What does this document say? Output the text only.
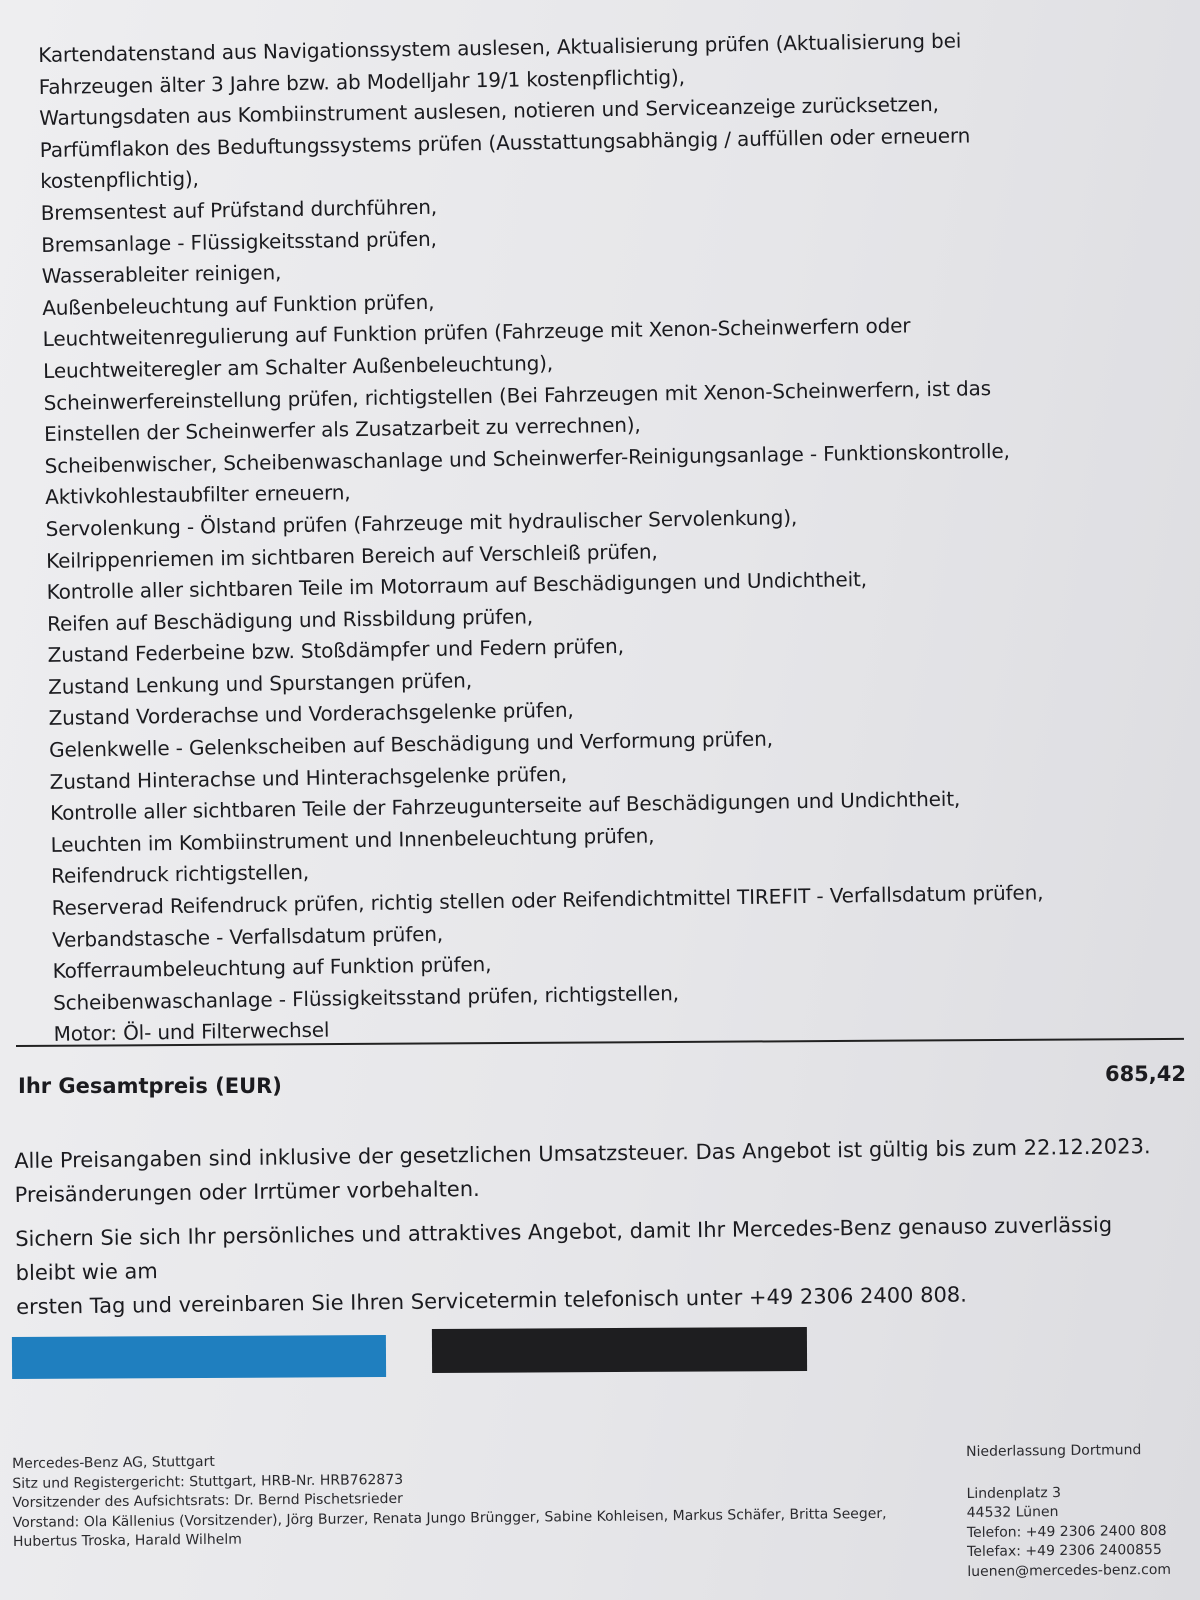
Kartendatenstand aus Navigationssystem auslesen, Aktualisierung prüfen (Aktualisierung bei
Fahrzeugen älter 3 Jahre bzw. ab Modelljahr 19/1 kostenpflichtig),
Wartungsdaten aus Kombiinstrument auslesen, notieren und Serviceanzeige zurücksetzen,
Parfümflakon des Beduftungssystems prüfen (Ausstattungsabhängig / auffüllen oder erneuern
kostenpflichtig),
Bremsentest auf Prüfstand durchführen,
Bremsanlage - Flüssigkeitsstand prüfen,
Wasserableiter reinigen,
Außenbeleuchtung auf Funktion prüfen,
Leuchtweitenregulierung auf Funktion prüfen (Fahrzeuge mit Xenon-Scheinwerfern oder
Leuchtweiteregler am Schalter Außenbeleuchtung),
Scheinwerfereinstellung prüfen, richtigstellen (Bei Fahrzeugen mit Xenon-Scheinwerfern, ist das
Einstellen der Scheinwerfer als Zusatzarbeit zu verrechnen),
Scheibenwischer, Scheibenwaschanlage und Scheinwerfer-Reinigungsanlage - Funktionskontrolle,
Aktivkohlestaubfilter erneuern,
Servolenkung - Ölstand prüfen (Fahrzeuge mit hydraulischer Servolenkung),
Keilrippenriemen im sichtbaren Bereich auf Verschleiß prüfen,
Kontrolle aller sichtbaren Teile im Motorraum auf Beschädigungen und Undichtheit,
Reifen auf Beschädigung und Rissbildung prüfen,
Zustand Federbeine bzw. Stoßdämpfer und Federn prüfen,
Zustand Lenkung und Spurstangen prüfen,
Zustand Vorderachse und Vorderachsgelenke prüfen,
Gelenkwelle - Gelenkscheiben auf Beschädigung und Verformung prüfen,
Zustand Hinterachse und Hinterachsgelenke prüfen,
Kontrolle aller sichtbaren Teile der Fahrzeugunterseite auf Beschädigungen und Undichtheit,
Leuchten im Kombiinstrument und Innenbeleuchtung prüfen,
Reifendruck richtigstellen,
Reserverad Reifendruck prüfen, richtig stellen oder Reifendichtmittel TIREFIT - Verfallsdatum prüfen,
Verbandstasche - Verfallsdatum prüfen,
Kofferraumbeleuchtung auf Funktion prüfen,
Scheibenwaschanlage - Flüssigkeitsstand prüfen, richtigstellen,
Motor: Öl- und Filterwechsel
Ihr Gesamtpreis (EUR)	685,42

Alle Preisangaben sind inklusive der gesetzlichen Umsatzsteuer. Das Angebot ist gültig bis zum 22.12.2023.

Preisänderungen oder Irrtümer vorbehalten.

Sichern Sie sich Ihr persönliches und attraktives Angebot, damit Ihr Mercedes-Benz genauso zuverlässig bleibt wie am

ersten Tag und vereinbaren Sie Ihren Servicetermin telefonisch unter +49 2306 2400 808.

Mercedes-Benz AG, Stuttgart
Sitz und Registergericht: Stuttgart, HRB-Nr. HRB762873
Vorsitzender des Aufsichtsrats: Dr. Bernd Pischetsrieder
Vorstand: Ola Källenius (Vorsitzender), Jörg Burzer, Renata Jungo Brüngger, Sabine Kohleisen, Markus Schäfer, Britta Seeger,
Hubertus Troska, Harald Wilhelm
Niederlassung Dortmund
Lindenplatz 3
44532 Lünen
Telefon: +49 2306 2400 808
Telefax: +49 2306 2400855
luenen@mercedes-benz.com
